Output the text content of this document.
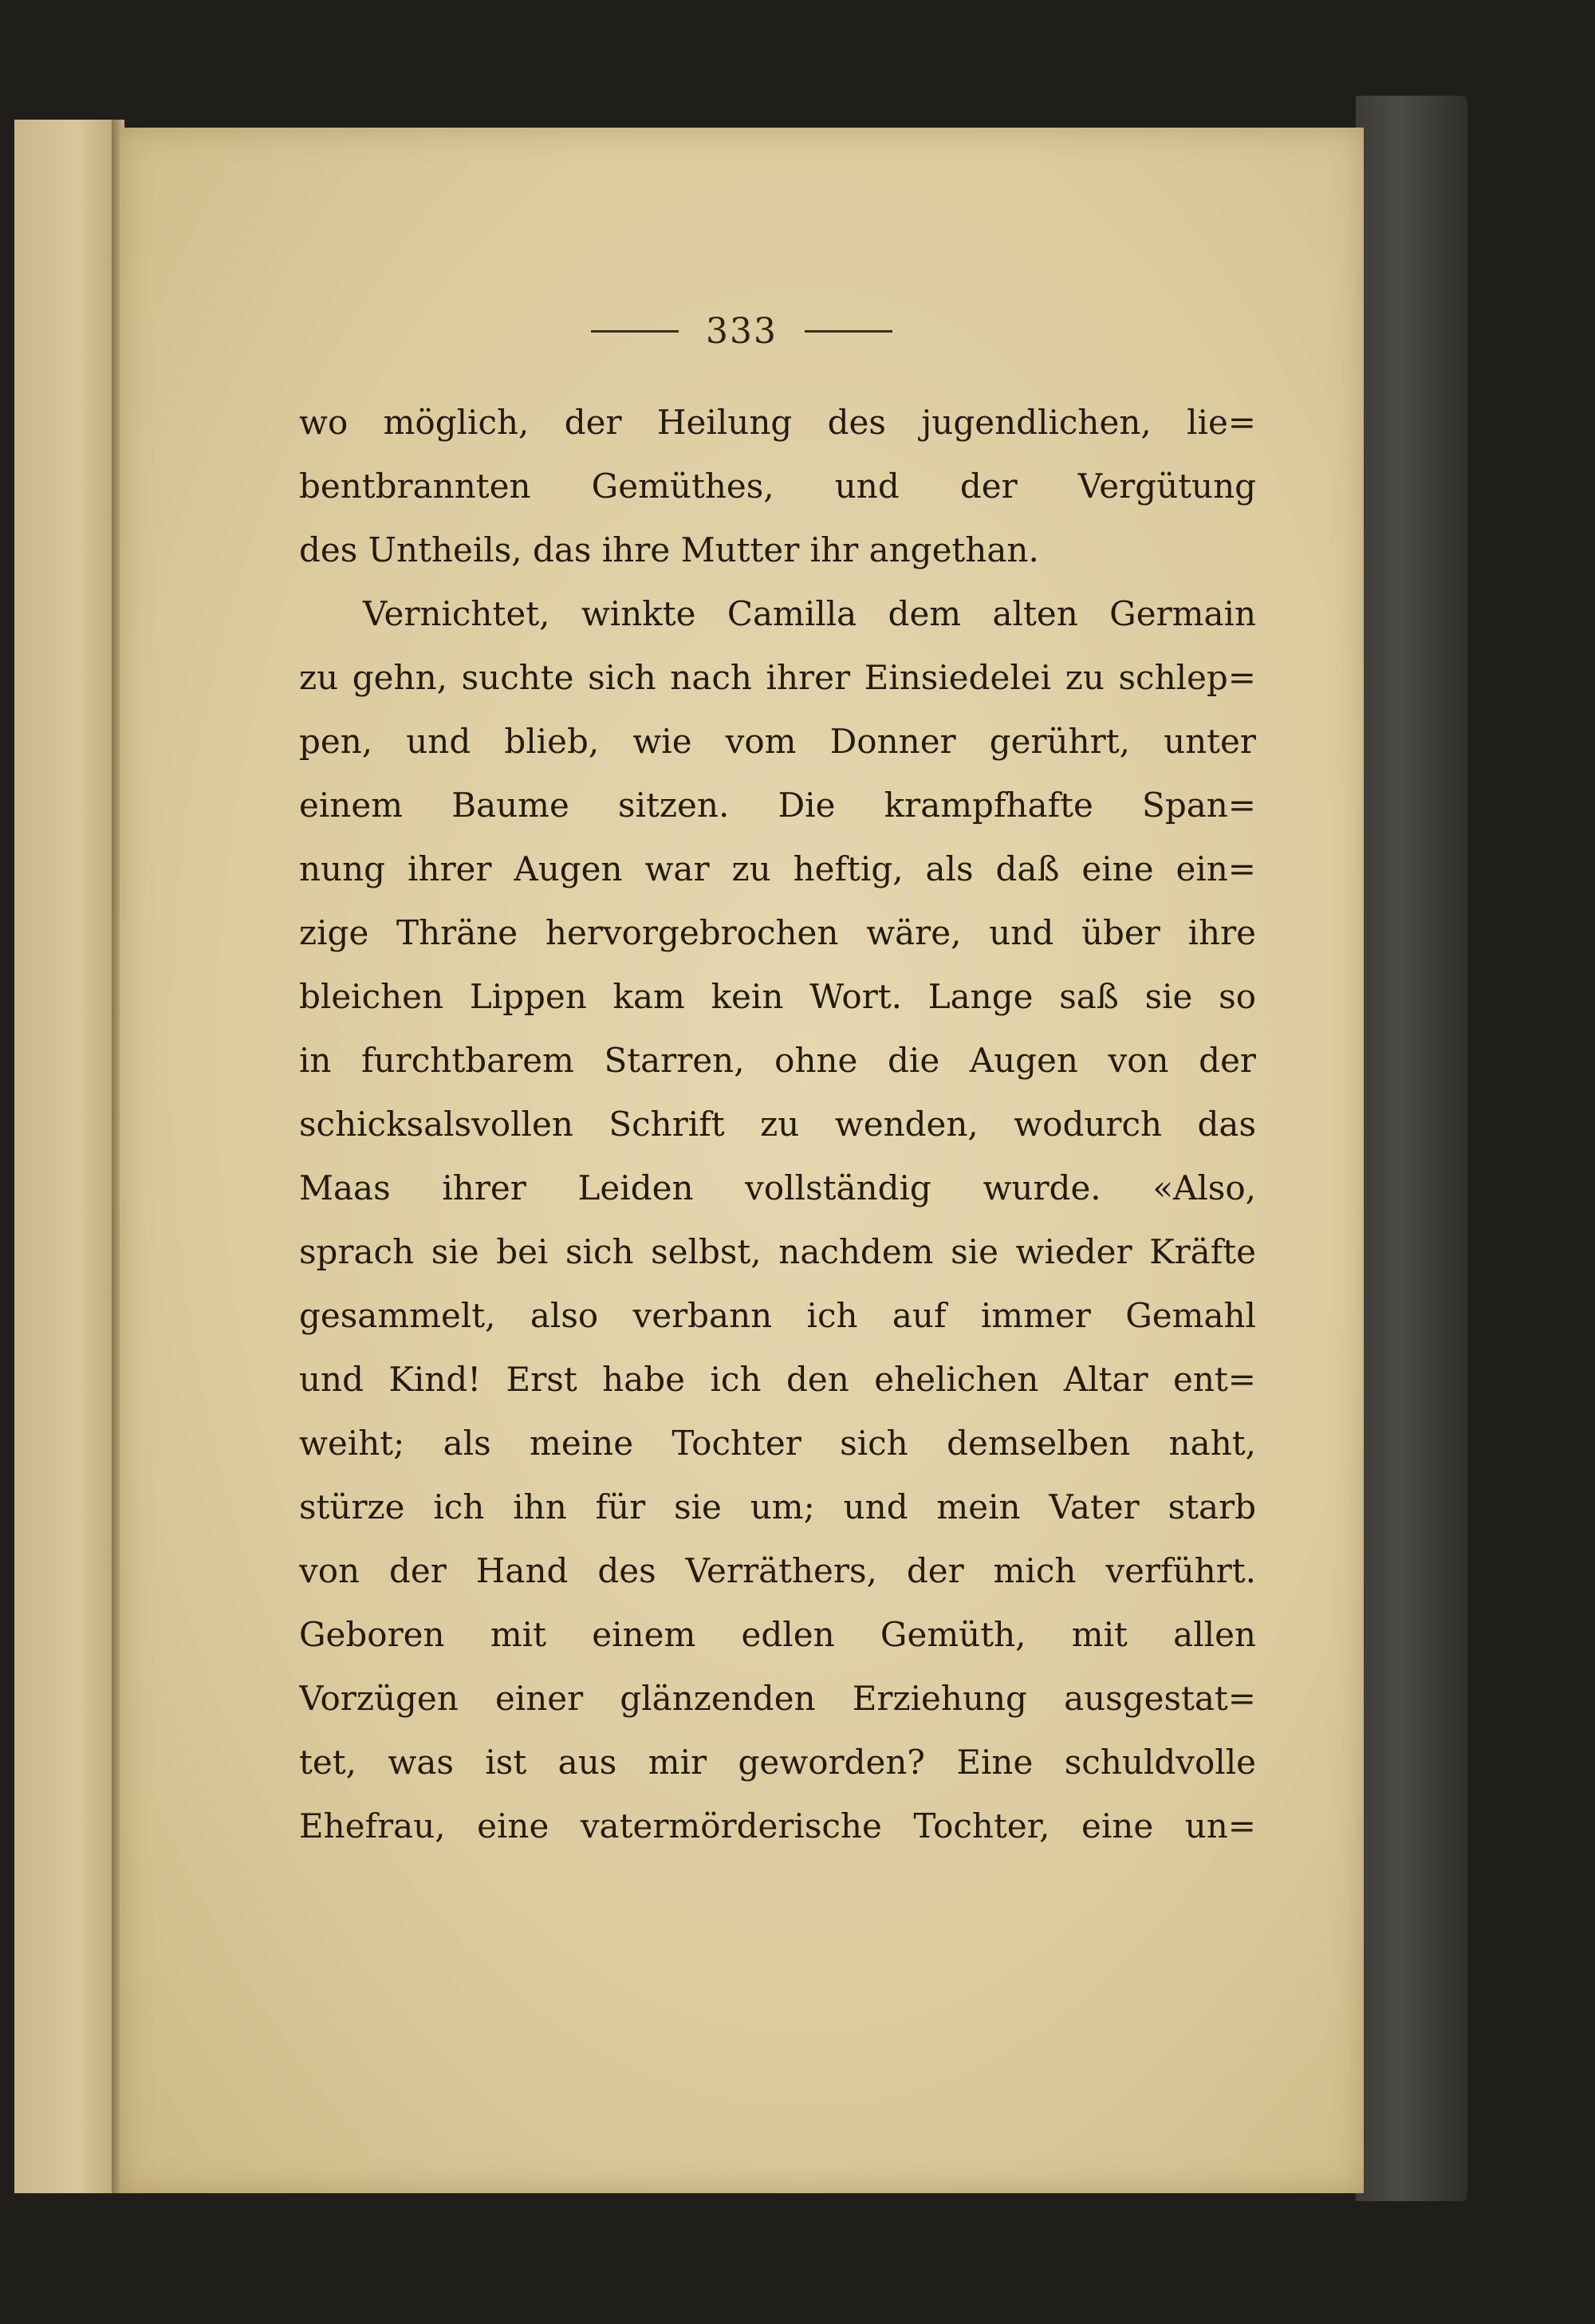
333
wo möglich, der Heilung des jugendlichen, lie=
bentbrannten Gemüthes, und der Vergütung
des Untheils, das ihre Mutter ihr angethan.
Vernichtet, winkte Camilla dem alten Germain
zu gehn, suchte sich nach ihrer Einsiedelei zu schlep=
pen, und blieb, wie vom Donner gerührt, unter
einem Baume sitzen. Die krampfhafte Span=
nung ihrer Augen war zu heftig, als daß eine ein=
zige Thräne hervorgebrochen wäre, und über ihre
bleichen Lippen kam kein Wort. Lange saß sie so
in furchtbarem Starren, ohne die Augen von der
schicksalsvollen Schrift zu wenden, wodurch das
Maas ihrer Leiden vollständig wurde. «Also,
sprach sie bei sich selbst, nachdem sie wieder Kräfte
gesammelt, also verbann ich auf immer Gemahl
und Kind! Erst habe ich den ehelichen Altar ent=
weiht; als meine Tochter sich demselben naht,
stürze ich ihn für sie um; und mein Vater starb
von der Hand des Verräthers, der mich verführt.
Geboren mit einem edlen Gemüth, mit allen
Vorzügen einer glänzenden Erziehung ausgestat=
tet, was ist aus mir geworden? Eine schuldvolle
Ehefrau, eine vatermörderische Tochter, eine un=
